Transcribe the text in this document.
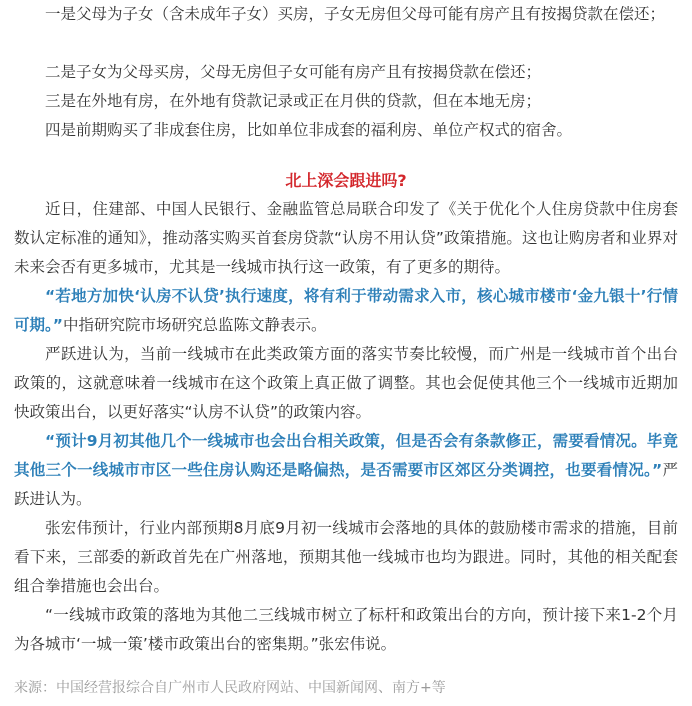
一是父母为子女（含未成年子女）买房，子女无房但父母可能有房产且有按揭贷款在偿还；

二是子女为父母买房，父母无房但子女可能有房产且有按揭贷款在偿还；

三是在外地有房，在外地有贷款记录或正在月供的贷款，但在本地无房；

四是前期购买了非成套住房，比如单位非成套的福利房、单位产权式的宿舍。

北上深会跟进吗?

近日，住建部、中国人民银行、金融监管总局联合印发了《关于优化个人住房贷款中住房套数认定标准的通知》，推动落实购买首套房贷款“认房不用认贷”政策措施。这也让购房者和业界对未来会否有更多城市，尤其是一线城市执行这一政策，有了更多的期待。

“若地方加快‘认房不认贷’执行速度，将有利于带动需求入市，核心城市楼市‘金九银十’行情可期。”中指研究院市场研究总监陈文静表示。

严跃进认为，当前一线城市在此类政策方面的落实节奏比较慢，而广州是一线城市首个出台政策的，这就意味着一线城市在这个政策上真正做了调整。其也会促使其他三个一线城市近期加快政策出台，以更好落实“认房不认贷”的政策内容。

“预计9月初其他几个一线城市也会出台相关政策，但是否会有条款修正，需要看情况。毕竟其他三个一线城市市区一些住房认购还是略偏热，是否需要市区郊区分类调控，也要看情况。”严跃进认为。

张宏伟预计，行业内部预期8月底9月初一线城市会落地的具体的鼓励楼市需求的措施，目前看下来，三部委的新政首先在广州落地，预期其他一线城市也均为跟进。同时，其他的相关配套组合拳措施也会出台。

“一线城市政策的落地为其他二三线城市树立了标杆和政策出台的方向，预计接下来1-2个月为各城市‘一城一策’楼市政策出台的密集期。”张宏伟说。

来源：中国经营报综合自广州市人民政府网站、中国新闻网、南方+等
